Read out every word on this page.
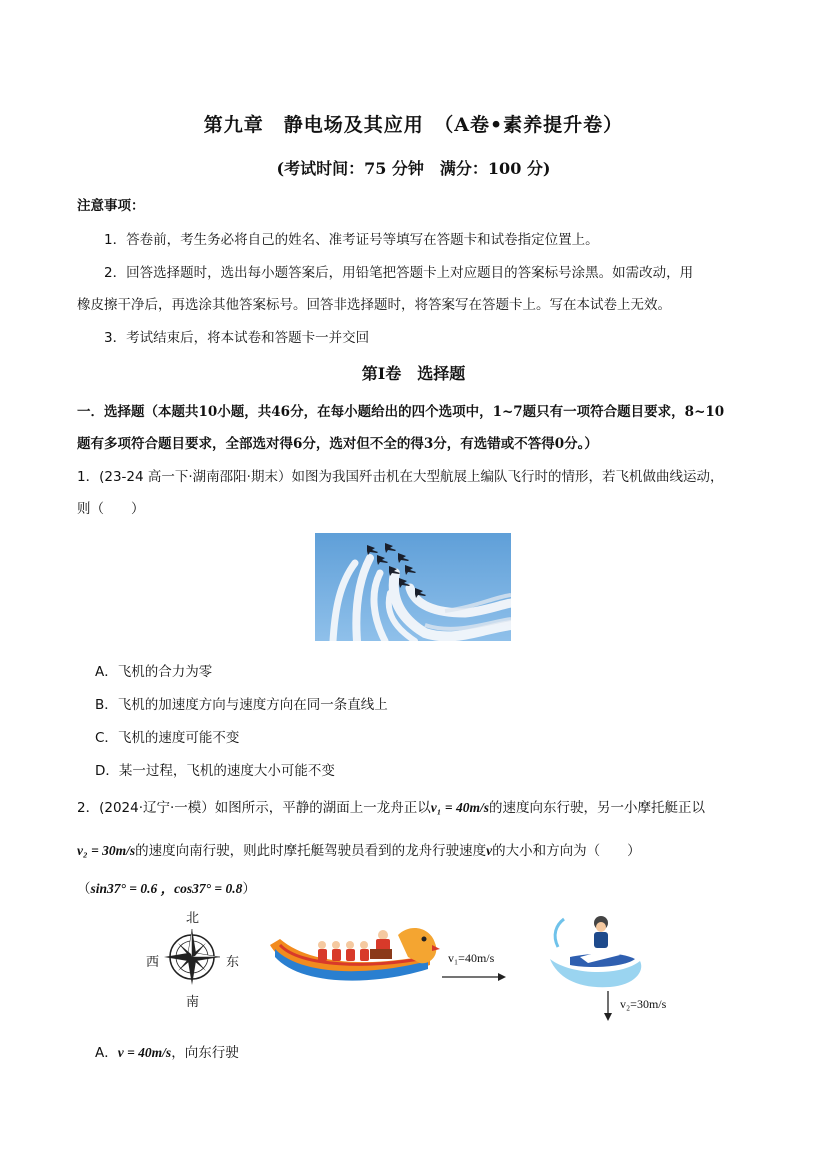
第九章　静电场及其应用　（A卷•素养提升卷）
(考试时间：75 分钟　满分：100 分)
注意事项：
1．答卷前，考生务必将自己的姓名、准考证号等填写在答题卡和试卷指定位置上。
2．回答选择题时，选出每小题答案后，用铅笔把答题卡上对应题目的答案标号涂黑。如需改动，用
橡皮擦干净后，再选涂其他答案标号。回答非选择题时，将答案写在答题卡上。写在本试卷上无效。
3．考试结束后，将本试卷和答题卡一并交回
第Ⅰ卷　选择题
一．选择题（本题共10小题，共46分，在每小题给出的四个选项中，1~7题只有一项符合题目要求，8~10
题有多项符合题目要求，全部选对得6分，选对但不全的得3分，有选错或不答得0分。）
1．(23-24 高一下·湖南邵阳·期末）如图为我国歼击机在大型航展上编队飞行时的情形，若飞机做曲线运动，
则（　　）
A．飞机的合力为零
B．飞机的加速度方向与速度方向在同一条直线上
C．飞机的速度可能不变
D．某一过程，飞机的速度大小可能不变
2．(2024·辽宁·一模）如图所示，平静的湖面上一龙舟正以v₁ = 40m/s的速度向东行驶，另一小摩托艇正以
v₂ = 30m/s的速度向南行驶，则此时摩托艇驾驶员看到的龙舟行驶速度v的大小和方向为（　　）
（sin37° = 0.6 ，cos37° = 0.8）
北
南
西	东	v₁=40m/s
v₂=30m/s
A．v = 40m/s，向东行驶
